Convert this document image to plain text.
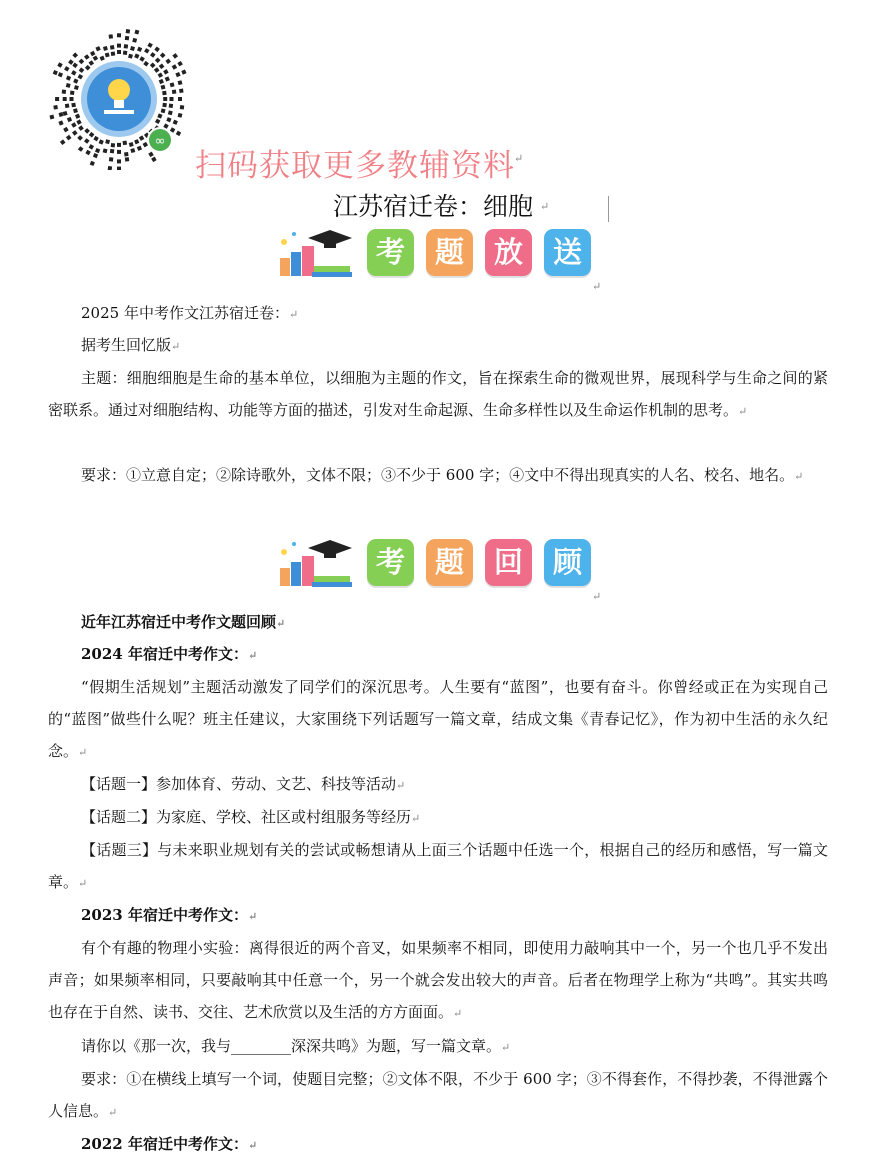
∞
扫码获取更多教辅资料 ↵
江苏宿迁卷：细胞 ↵
考	题	放	送
↵
2025 年中考作文江苏宿迁卷：↵
据考生回忆版↵
主题：细胞细胞是生命的基本单位，以细胞为主题的作文，旨在探索生命的微观世界，展现科学与生命之间的紧密联系。通过对细胞结构、功能等方面的描述，引发对生命起源、生命多样性以及生命运作机制的思考。↵
要求：①立意自定；②除诗歌外，文体不限；③不少于 600 字；④文中不得出现真实的人名、校名、地名。↵
考	题	回	顾
↵
近年江苏宿迁中考作文题回顾↵
2024 年宿迁中考作文：↵
“假期生活规划”主题活动激发了同学们的深沉思考。人生要有“蓝图”，也要有奋斗。你曾经或正在为实现自己的“蓝图”做些什么呢？班主任建议，大家围绕下列话题写一篇文章，结成文集《青春记忆》，作为初中生活的永久纪念。↵
【话题一】参加体育、劳动、文艺、科技等活动↵
【话题二】为家庭、学校、社区或村组服务等经历↵
【话题三】与未来职业规划有关的尝试或畅想请从上面三个话题中任选一个，根据自己的经历和感悟，写一篇文章。↵
2023 年宿迁中考作文：↵
有个有趣的物理小实验：离得很近的两个音叉，如果频率不相同，即使用力敲响其中一个，另一个也几乎不发出声音；如果频率相同，只要敲响其中任意一个，另一个就会发出较大的声音。后者在物理学上称为“共鸣”。其实共鸣也存在于自然、读书、交往、艺术欣赏以及生活的方方面面。↵
请你以《那一次，我与________深深共鸣》为题，写一篇文章。↵
要求：①在横线上填写一个词，使题目完整；②文体不限，不少于 600 字；③不得套作，不得抄袭，不得泄露个人信息。↵
2022 年宿迁中考作文：↵
